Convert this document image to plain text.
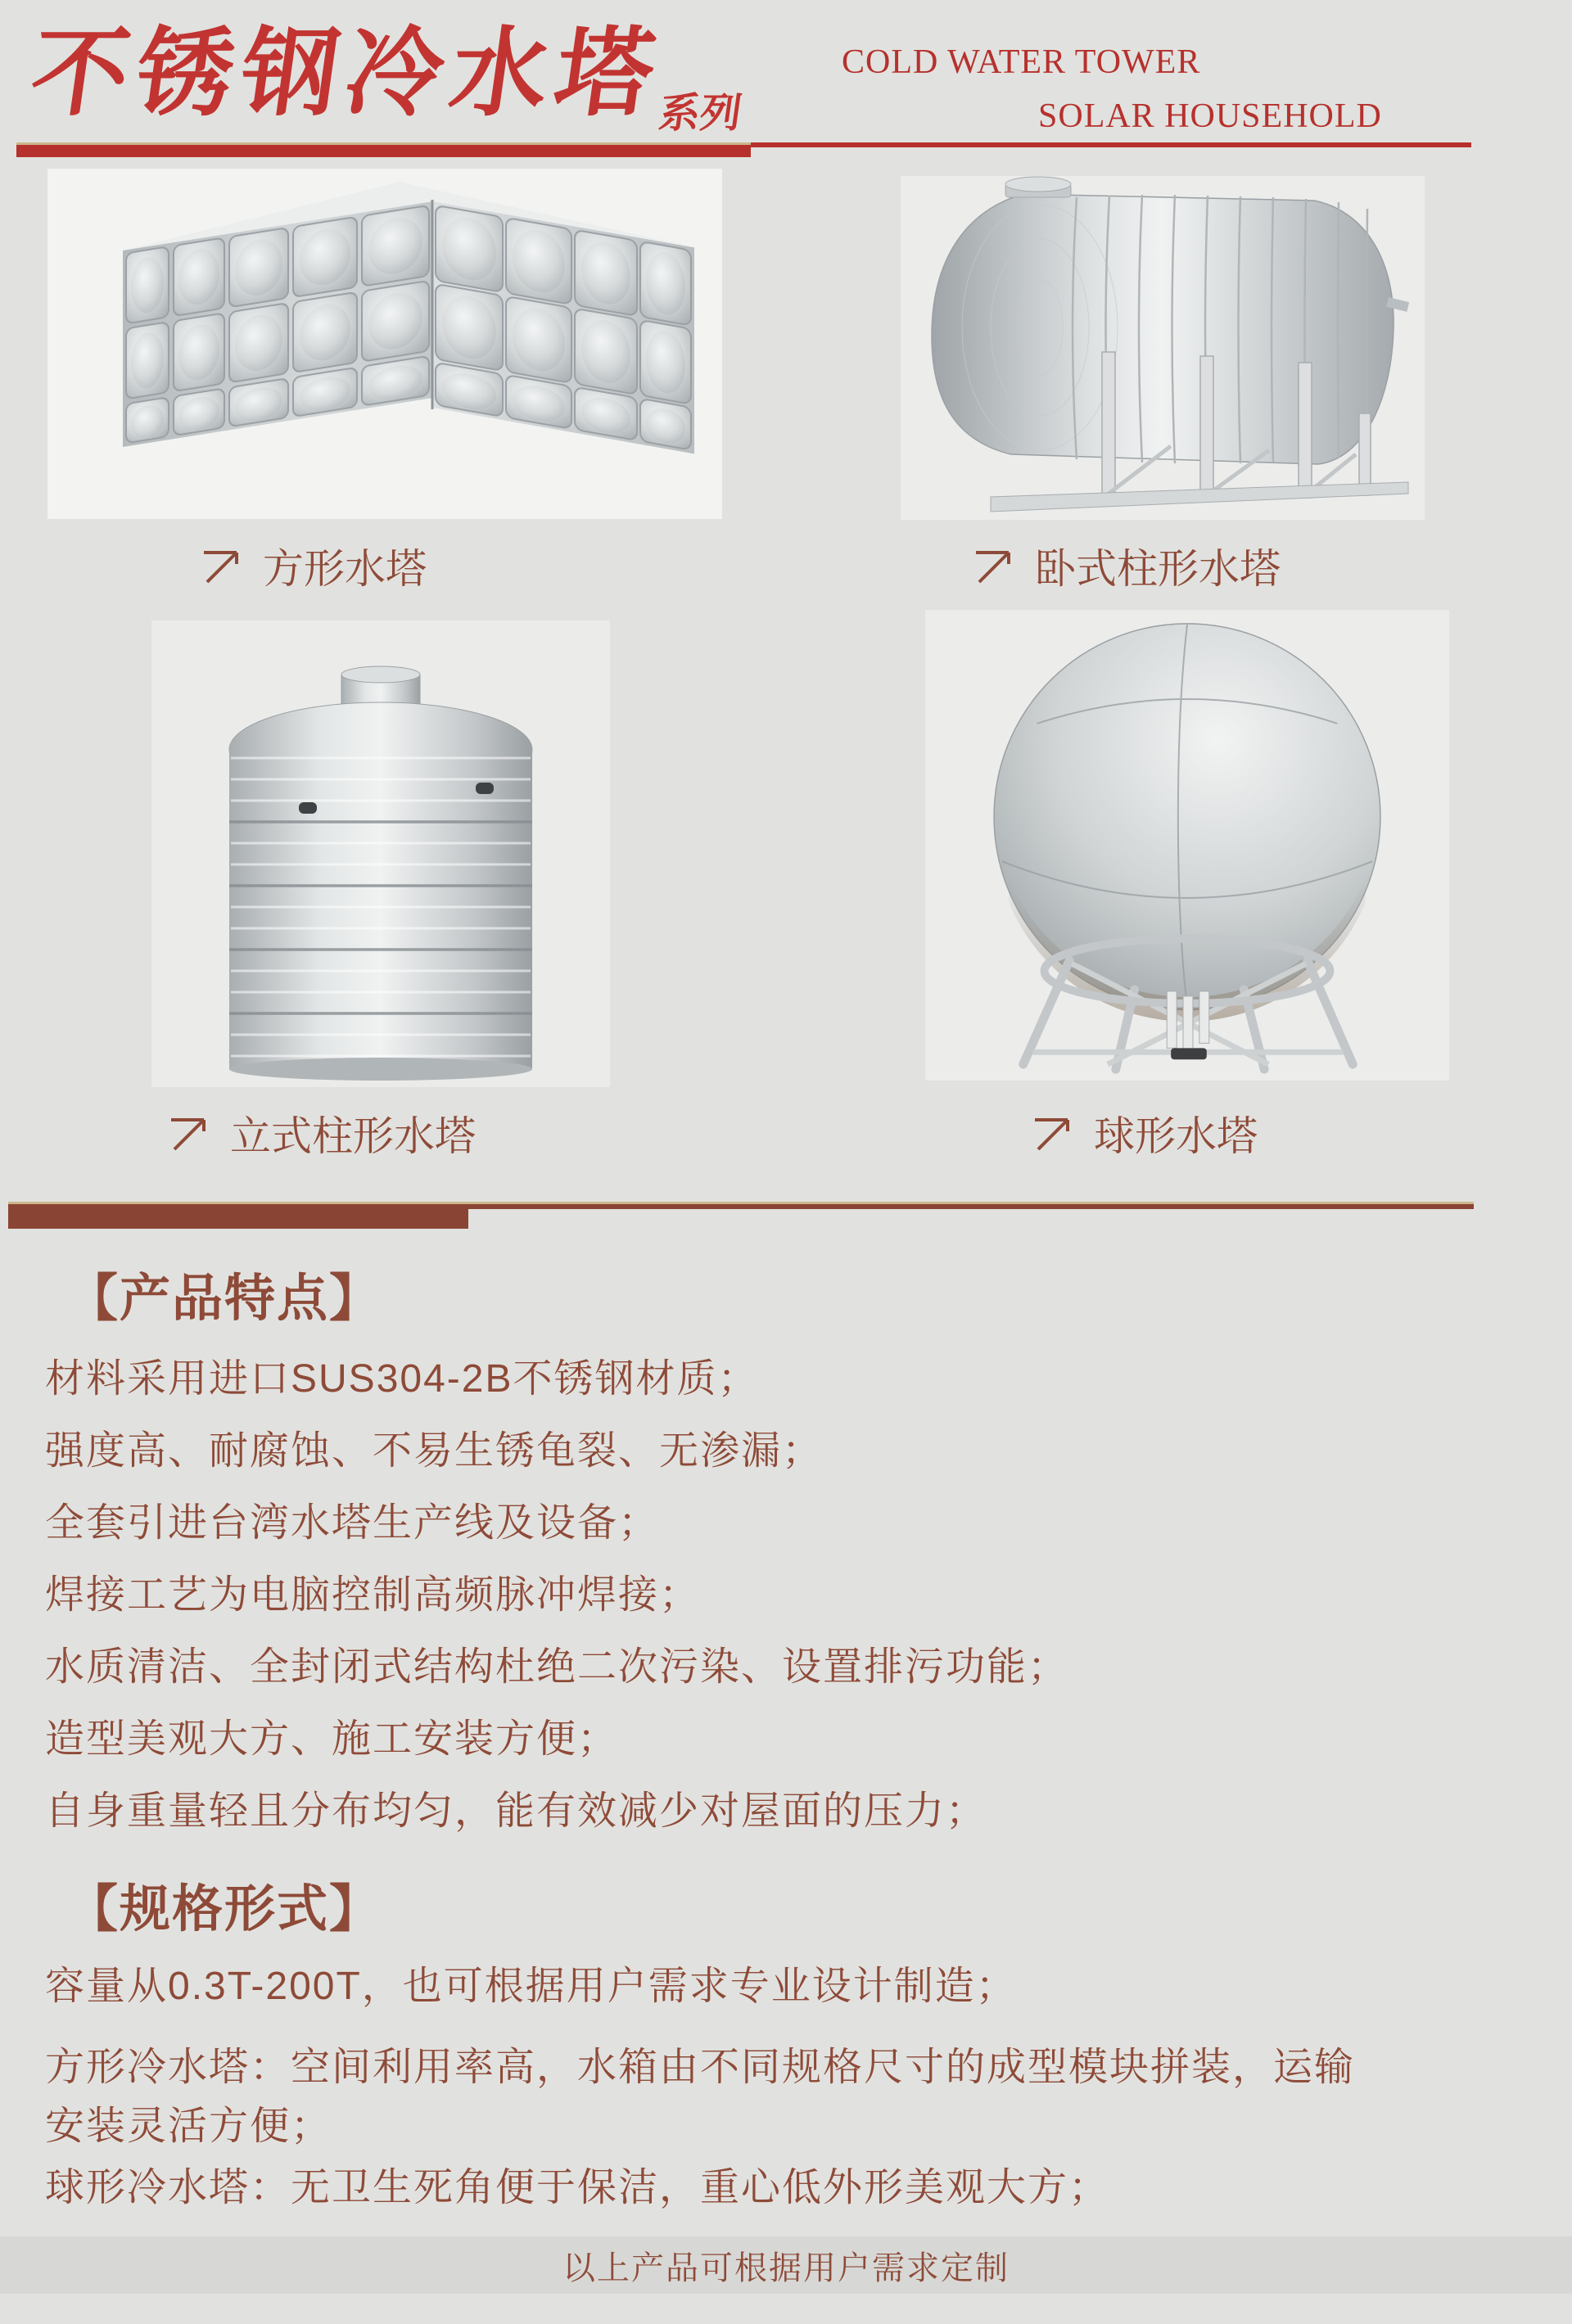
不锈钢冷水塔
系列
COLD WATER TOWER
SOLAR HOUSEHOLD
方形水塔	卧式柱形水塔
立式柱形水塔	球形水塔
【产品特点】
材料采用进口SUS304-2B不锈钢材质；
强度高、耐腐蚀、不易生锈龟裂、无渗漏；
全套引进台湾水塔生产线及设备；
焊接工艺为电脑控制高频脉冲焊接；
水质清洁、全封闭式结构杜绝二次污染、设置排污功能；
造型美观大方、施工安装方便；
自身重量轻且分布均匀，能有效减少对屋面的压力；
【规格形式】
容量从0.3T-200T，也可根据用户需求专业设计制造；
方形冷水塔：空间利用率高，水箱由不同规格尺寸的成型模块拼装，运输安装灵活方便；
球形冷水塔：无卫生死角便于保洁，重心低外形美观大方；
以上产品可根据用户需求定制
